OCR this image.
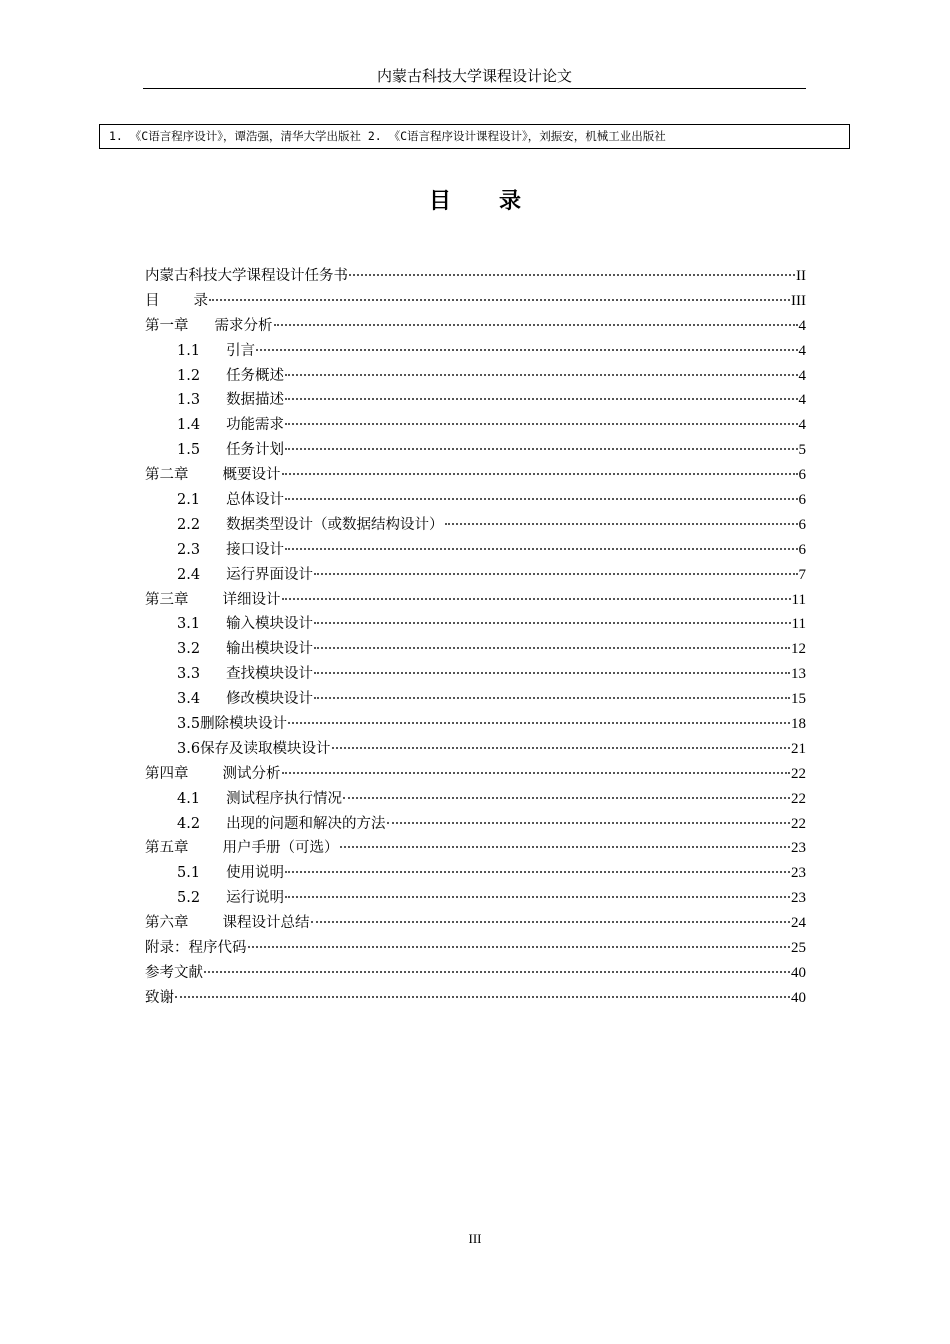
内蒙古科技大学课程设计论文
1. 《C语言程序设计》，谭浩强，清华大学出版社 2. 《C语言程序设计课程设计》，刘振安，机械工业出版社
目 录
内蒙古科技大学课程设计任务书	II
目 录	III
第一章 需求分析	4
1.1 引言	4
1.2 任务概述	4
1.3 数据描述	4
1.4 功能需求	4
1.5 任务计划	5
第二章 概要设计	6
2.1 总体设计	6
2.2 数据类型设计（或数据结构设计）	6
2.3 接口设计	6
2.4 运行界面设计	7
第三章 详细设计	11
3.1 输入模块设计	11
3.2 输出模块设计	12
3.3 查找模块设计	13
3.4 修改模块设计	15
3.5删除模块设计	18
3.6保存及读取模块设计	21
第四章 测试分析	22
4.1 测试程序执行情况	22
4.2 出现的问题和解决的方法	22
第五章 用户手册（可选）	23
5.1 使用说明	23
5.2 运行说明	23
第六章 课程设计总结	24
附录：程序代码	25
参考文献	40
致谢	40
III
